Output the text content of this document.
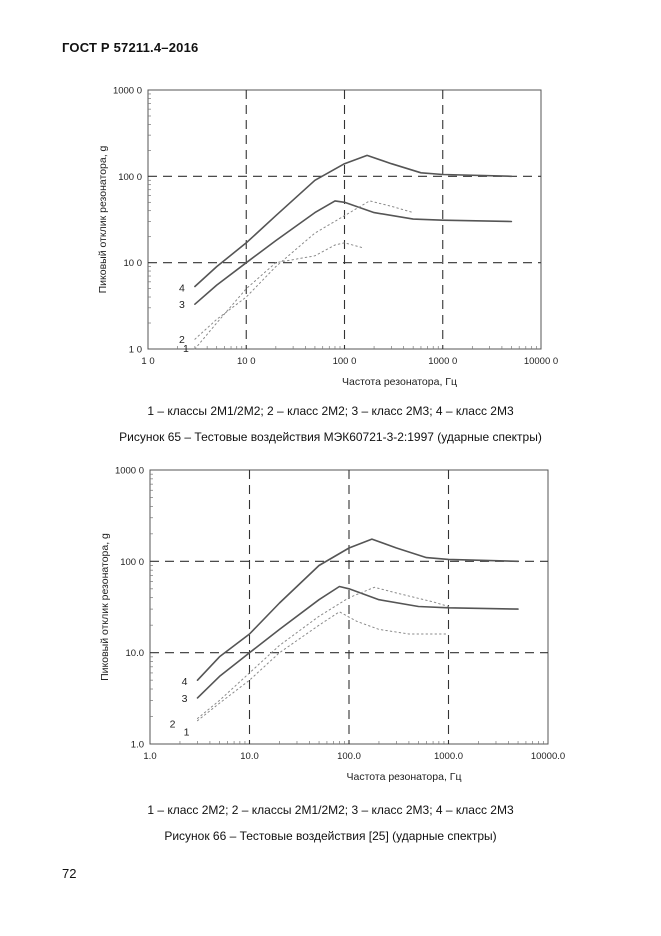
ГОСТ Р 57211.4–2016
1 0	10 0	100 0	1000 0	10000 0
1 0
10 0
100 0
1000 0
Частота резонатора, Гц
Пиковый отклик резонатора, g	4
3
2
1
1 – классы 2М1/2М2; 2 – класс 2М2; 3 – класс 2М3; 4 – класс 2М3
Рисунок 65 – Тестовые воздействия МЭК60721-3-2:1997 (ударные спектры)
1.0	10.0	100.0	1000.0	10000.0
1.0
10.0
100 0
1000 0
Частота резонатора, Гц
Пиковый отклик резонатора, g
4
3
2
1
1 – класс 2М2; 2 – классы 2М1/2М2; 3 – класс 2М3; 4 – класс 2М3
Рисунок 66 – Тестовые воздействия [25] (ударные спектры)
72
